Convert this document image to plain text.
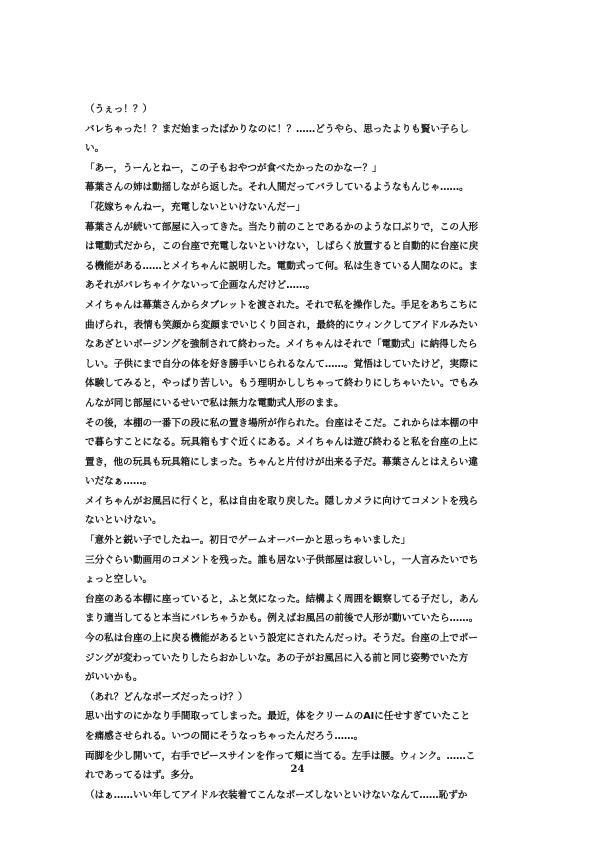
（うぇっ！？）
バレちゃった！？まだ始まったばかりなのに！？……どうやら、思ったよりも賢い子らし
い。
「あー，うーんとねー，この子もおやつが食べたかったのかなー？」
幕葉さんの姉は動揺しながら返した。それ人間だってバラしているようなもんじゃ……。
「花嫁ちゃんねー，充電しないといけないんだー」
幕葉さんが続いて部屋に入ってきた。当たり前のことであるかのような口ぶりで，この人形
は電動式だから，この台座で充電しないといけない，しばらく放置すると自動的に台座に戻
る機能がある……とメイちゃんに説明した。電動式って何。私は生きている人間なのに。ま
あそれがバレちゃイケないって企画なんだけど……。
メイちゃんは幕葉さんからタブレットを渡された。それで私を操作した。手足をあちこちに
曲げられ，表情も笑顔から変顔までいじくり回され，最終的にウィンクしてアイドルみたい
なあざといポージングを強制されて終わった。メイちゃんはそれで「電動式」に納得したら
しい。子供にまで自分の体を好き勝手いじられるなんて……。覚悟はしていたけど，実際に
体験してみると，やっぱり苦しい。もう理明かししちゃって終わりにしちゃいたい。でもみ
んなが同じ部屋にいるせいで私は無力な電動式人形のまま。
その後，本棚の一番下の段に私の置き場所が作られた。台座はそこだ。これからは本棚の中
で暮らすことになる。玩具箱もすぐ近くにある。メイちゃんは遊び終わると私を台座の上に
置き，他の玩具も玩具箱にしまった。ちゃんと片付けが出来る子だ。幕葉さんとはえらい違
いだなぁ……。
メイちゃんがお風呂に行くと，私は自由を取り戻した。隠しカメラに向けてコメントを残ら
ないといけない。
「意外と鋭い子でしたねー。初日でゲームオーバーかと思っちゃいました」
三分ぐらい動画用のコメントを残った。誰も居ない子供部屋は寂しいし，一人言みたいでち
ょっと空しい。
台座のある本棚に座っていると，ふと気になった。結構よく周囲を観察してる子だし，あん
まり適当してると本当にバレちゃうかも。例えばお風呂の前後で人形が動いていたら……。
今の私は台座の上に戻る機能があるという設定にされたんだっけ。そうだ。台座の上でポー
ジングが変わっていたりしたらおかしいな。あの子がお風呂に入る前と同じ姿勢でいた方
がいいかも。
（あれ？どんなポーズだったっけ？）
思い出すのにかなり手間取ってしまった。最近，体をクリームのAIに任せすぎていたこと
を痛感させられる。いつの間にそうなっちゃったんだろう……。
両脚を少し開いて，右手でピースサインを作って頬に当てる。左手は腰。ウィンク。……こ
れであってるはず。多分。
（はぁ……いい年してアイドル衣装着てこんなポーズしないといけないなんて……恥ずか
24
